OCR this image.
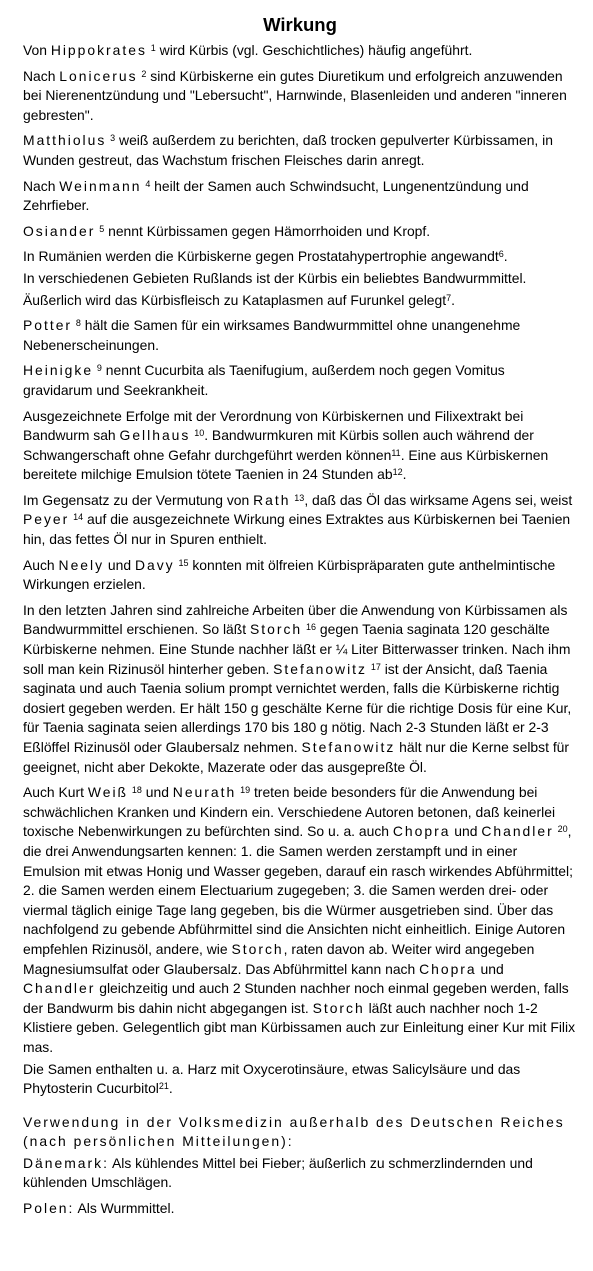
Wirkung

Von Hippokrates $^1$ wird Kürbis (vgl. Geschichtliches) häufig angeführt.

Nach Lonicerus $^2$ sind Kürbiskerne ein gutes Diuretikum und erfolgreich anzuwenden bei Nierenentzündung und "Lebersucht", Harnwinde, Blasenleiden und anderen "inneren gebresten".

Matthiolus $^3$ weiß außerdem zu berichten, daß trocken gepulverter Kürbissamen, in Wunden gestreut, das Wachstum frischen Fleisches darin anregt.

Nach Weinmann $^4$ heilt der Samen auch Schwindsucht, Lungenentzündung und Zehrfieber.

Osiander $^5$ nennt Kürbissamen gegen Hämorrhoiden und Kropf.

In Rumänien werden die Kürbiskerne gegen Prostatahypertrophie angewandt$^6$.

In verschiedenen Gebieten Rußlands ist der Kürbis ein beliebtes Bandwurmmittel.

Äußerlich wird das Kürbisfleisch zu Kataplasmen auf Furunkel gelegt$^7$.

Potter $^8$ hält die Samen für ein wirksames Bandwurmmittel ohne unangenehme Nebenerscheinungen.

Heinigke $^9$ nennt Cucurbita als Taenifugium, außerdem noch gegen Vomitus gravidarum und Seekrankheit.

Ausgezeichnete Erfolge mit der Verordnung von Kürbiskernen und Filixextrakt bei Bandwurm sah Gellhaus $^{10}$. Bandwurmkuren mit Kürbis sollen auch während der Schwangerschaft ohne Gefahr durchgeführt werden können$^{11}$. Eine aus Kürbiskernen bereitete milchige Emulsion tötete Taenien in 24 Stunden $ab^{12}$.

Im Gegensatz zu der Vermutung von Rath $^{13}$, daß das Öl das wirksame Agens sei, weist Peyer $^{14}$ auf die ausgezeichnete Wirkung eines Extraktes aus Kürbiskernen bei Taenien hin, das fettes Öl nur in Spuren enthielt.

Auch Neely und Davy $^{15}$ konnten mit ölfreien Kürbispräparaten gute anthelmintische Wirkungen erzielen.

In den letzten Jahren sind zahlreiche Arbeiten über die Anwendung von Kürbissamen als Bandwurmmittel erschienen. So läßt Storch $^{16}$ gegen Taenia saginata 120 geschälte Kürbiskerne nehmen. Eine Stunde nachher läßt er ¼ Liter Bitterwasser trinken. Nach ihm soll man kein Rizinusöl hinterher geben. Stefanowitz $^{17}$ ist der Ansicht, daß Taenia saginata und auch Taenia solium prompt vernichtet werden, falls die Kürbiskerne richtig dosiert gegeben werden. Er hält 150 g geschälte Kerne für die richtige Dosis für eine Kur, für Taenia saginata seien allerdings 170 bis 180 g nötig. Nach 2-3 Stunden läßt er 2-3 Eßlöffel Rizinusöl oder Glaubersalz nehmen. Stefanowitz hält nur die Kerne selbst für geeignet, nicht aber Dekokte, Mazerate oder das ausgepreßte Öl.

Auch Kurt Weiß $^{18}$ und Neurath $^{19}$ treten beide besonders für die Anwendung bei schwächlichen Kranken und Kindern ein. Verschiedene Autoren betonen, daß keinerlei toxische Nebenwirkungen zu befürchten sind. So u. a. auch Chopra und Chandler $^{20}$, die drei Anwendungsarten kennen: 1. die Samen werden zerstampft und in einer Emulsion mit etwas Honig und Wasser gegeben, darauf ein rasch wirkendes Abführmittel; 2. die Samen werden einem Electuarium zugegeben; 3. die Samen werden drei- oder viermal täglich einige Tage lang gegeben, bis die Würmer ausgetrieben sind. Über das nachfolgend zu gebende Abführmittel sind die Ansichten nicht einheitlich. Einige Autoren empfehlen Rizinusöl, andere, wie Storch, raten davon ab. Weiter wird angegeben Magnesiumsulfat oder Glaubersalz. Das Abführmittel kann nach Chopra und Chandler gleichzeitig und auch 2 Stunden nachher noch einmal gegeben werden, falls der Bandwurm bis dahin nicht abgegangen ist. Storch läßt auch nachher noch 1-2 Klistiere geben. Gelegentlich gibt man Kürbissamen auch zur Einleitung einer Kur mit Filix mas.

Die Samen enthalten u. a. Harz mit Oxycerotinsäure, etwas Salicylsäure und das Phytosterin Cucurbitol$^{21}$.

Verwendung in der Volksmedizin außerhalb des Deutschen Reiches (nach persönlichen Mitteilungen):

Dänemark: Als kühlendes Mittel bei Fieber; äußerlich zu schmerzlindernden und kühlenden Umschlägen.

Polen: Als Wurmmittel.
